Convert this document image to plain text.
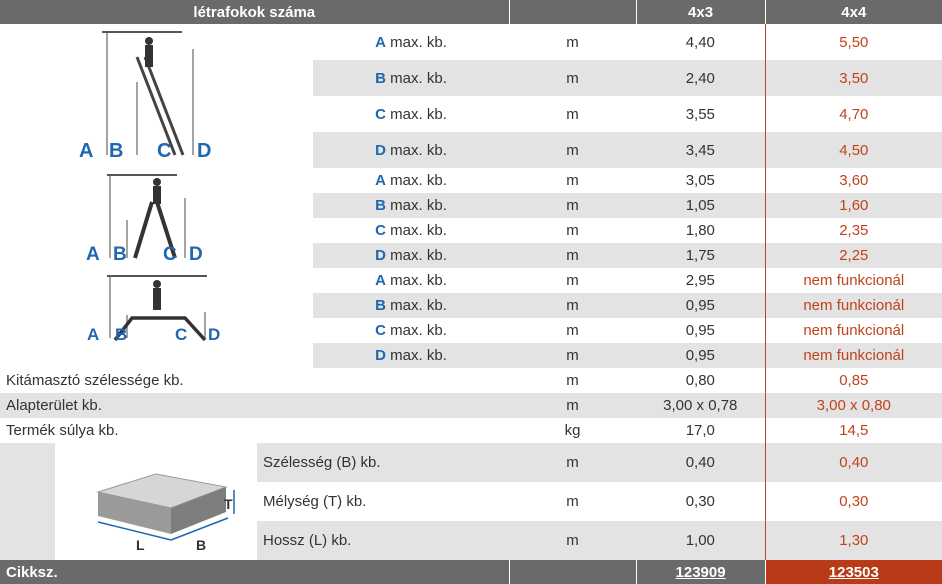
létrafokok száma					4x3	4x4

A B C D			A max. kb.	m	4,40	5,50
			B max. kb.	m	2,40	3,50
			C max. kb.	m	3,55	4,70
			D max. kb.	m	3,45	4,50

A B C D			A max. kb.	m	3,05	3,60
			B max. kb.	m	1,05	1,60
			C max. kb.	m	1,80	2,35
			D max. kb.	m	1,75	2,25

A B C D			A max. kb.	m	2,95	nem funkcionál
			B max. kb.	m	0,95	nem funkcionál
			C max. kb.	m	0,95	nem funkcionál
			D max. kb.	m	0,95	nem funkcionál
Kitámasztó szélessége kb.				m	0,80	0,85
Alapterület kb.				m	3,00 x 0,78	3,00 x 0,80
Termék súlya kb.				kg	17,0	14,5

L B
T	Szélesség (B) kb.		m	0,40	0,40
		Mélység (T) kb.		m	0,30	0,30
		Hossz (L) kb.		m	1,00	1,30
Cikksz.					123909	123503
